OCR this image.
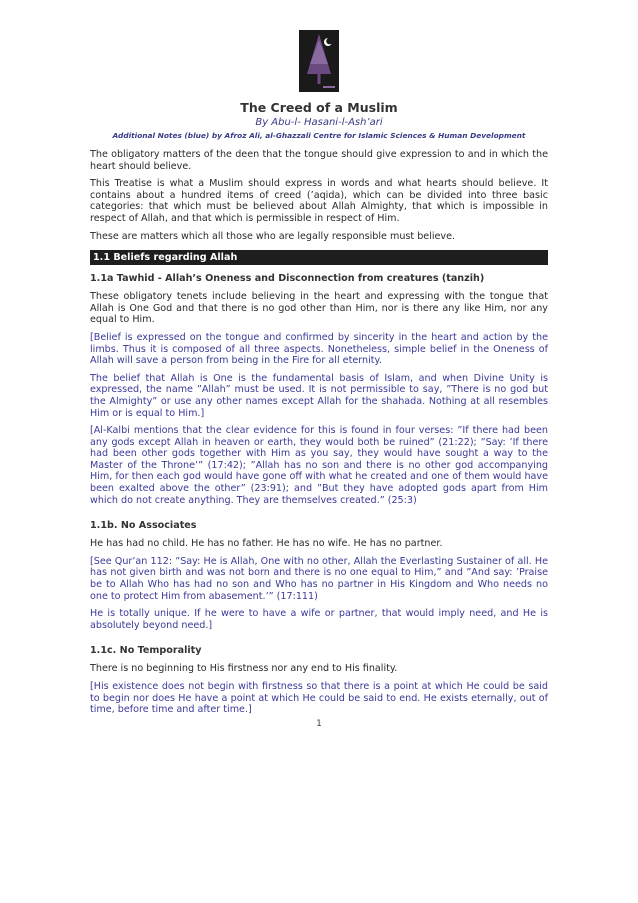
The Creed of a Muslim
By Abu-l- Hasani-l-Ash’ari
Additional Notes (blue) by Afroz Ali, al-Ghazzali Centre for Islamic Sciences & Human Development

The obligatory matters of the deen that the tongue should give expression to and in which the heart should believe.

This Treatise is what a Muslim should express in words and what hearts should believe. It contains about a hundred items of creed (’aqida), which can be divided into three basic categories: that which must be believed about Allah Almighty, that which is impossible in respect of Allah, and that which is permissible in respect of Him.

These are matters which all those who are legally responsible must believe.

1.1 Beliefs regarding Allah
1.1a Tawhid - Allah’s Oneness and Disconnection from creatures (tanzih)

These obligatory tenets include believing in the heart and expressing with the tongue that Allah is One God and that there is no god other than Him, nor is there any like Him, nor any equal to Him.

[Belief is expressed on the tongue and confirmed by sincerity in the heart and action by the limbs. Thus it is composed of all three aspects. Nonetheless, simple belief in the Oneness of Allah will save a person from being in the Fire for all eternity.

The belief that Allah is One is the fundamental basis of Islam, and when Divine Unity is expressed, the name ”Allah” must be used. It is not permissible to say, ”There is no god but the Almighty” or use any other names except Allah for the shahada. Nothing at all resembles Him or is equal to Him.]

[Al-Kalbi mentions that the clear evidence for this is found in four verses: ”If there had been any gods except Allah in heaven or earth, they would both be ruined” (21:22); ”Say: ’If there had been other gods together with Him as you say, they would have sought a way to the Master of the Throne’” (17:42); ”Allah has no son and there is no other god accompanying Him, for then each god would have gone off with what he created and one of them would have been exalted above the other” (23:91); and ”But they have adopted gods apart from Him which do not create anything. They are themselves created.” (25:3)

1.1b. No Associates

He has had no child. He has no father. He has no wife. He has no partner.

[See Qur’an 112: ”Say: He is Allah, One with no other, Allah the Everlasting Sustainer of all. He has not given birth and was not born and there is no one equal to Him,” and ”And say: ’Praise be to Allah Who has had no son and Who has no partner in His Kingdom and Who needs no one to protect Him from abasement.’” (17:111)

He is totally unique. If he were to have a wife or partner, that would imply need, and He is absolutely beyond need.]

1.1c. No Temporality

There is no beginning to His firstness nor any end to His finality.

[His existence does not begin with firstness so that there is a point at which He could be said to begin nor does He have a point at which He could be said to end. He exists eternally, out of time, before time and after time.]

1
